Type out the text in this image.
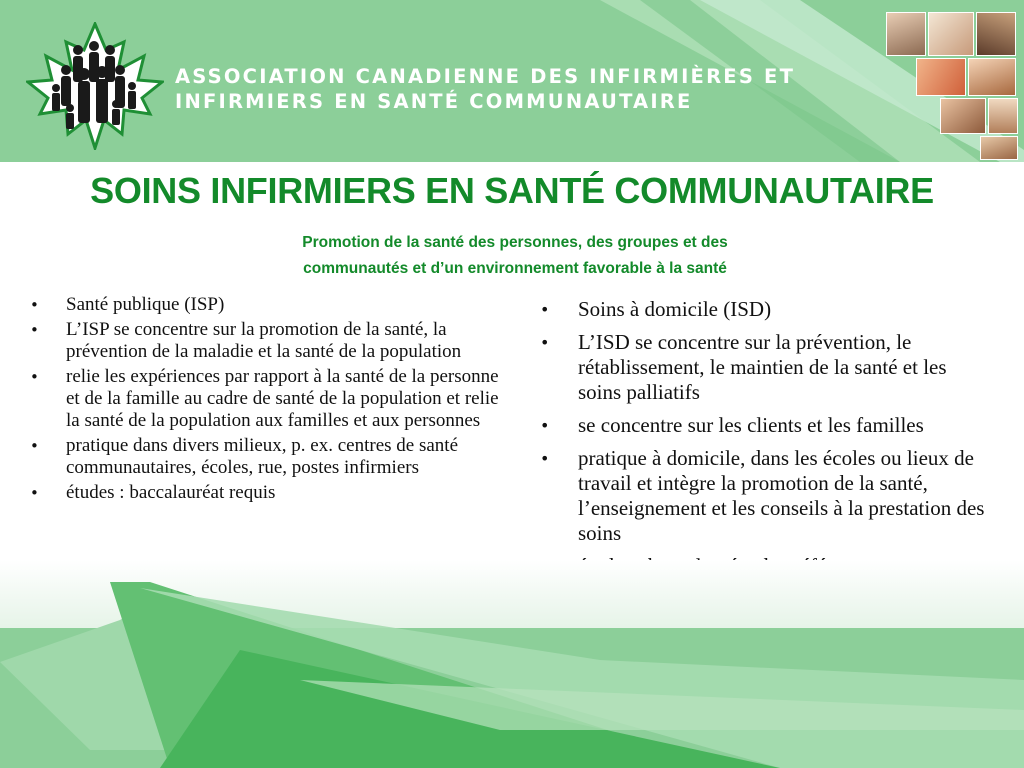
ASSOCIATION CANADIENNE DES INFIRMIÈRES ET
INFIRMIERS EN SANTÉ COMMUNAUTAIRE
SOINS INFIRMIERS EN SANTÉ COMMUNAUTAIRE
Promotion de la santé des personnes, des groupes et des
communautés et d’un environnement favorable à la santé
• Santé publique (ISP)
• L’ISP se concentre sur la promotion de la santé, la prévention de la maladie et la santé de la population
• relie les expériences par rapport à la santé de la personne et de la famille au cadre de santé de la population et relie la santé de la population aux familles et aux personnes
• pratique dans divers milieux, p. ex. centres de santé communautaires, écoles, rue, postes infirmiers
• études : baccalauréat requis
• Soins à domicile (ISD)
• L’ISD se concentre sur la prévention, le rétablissement, le maintien de la santé et les soins palliatifs
• se concentre sur les clients et les familles
• pratique à domicile, dans les écoles ou lieux de travail et intègre la promotion de la santé, l’enseignement et les conseils à la prestation des soins
